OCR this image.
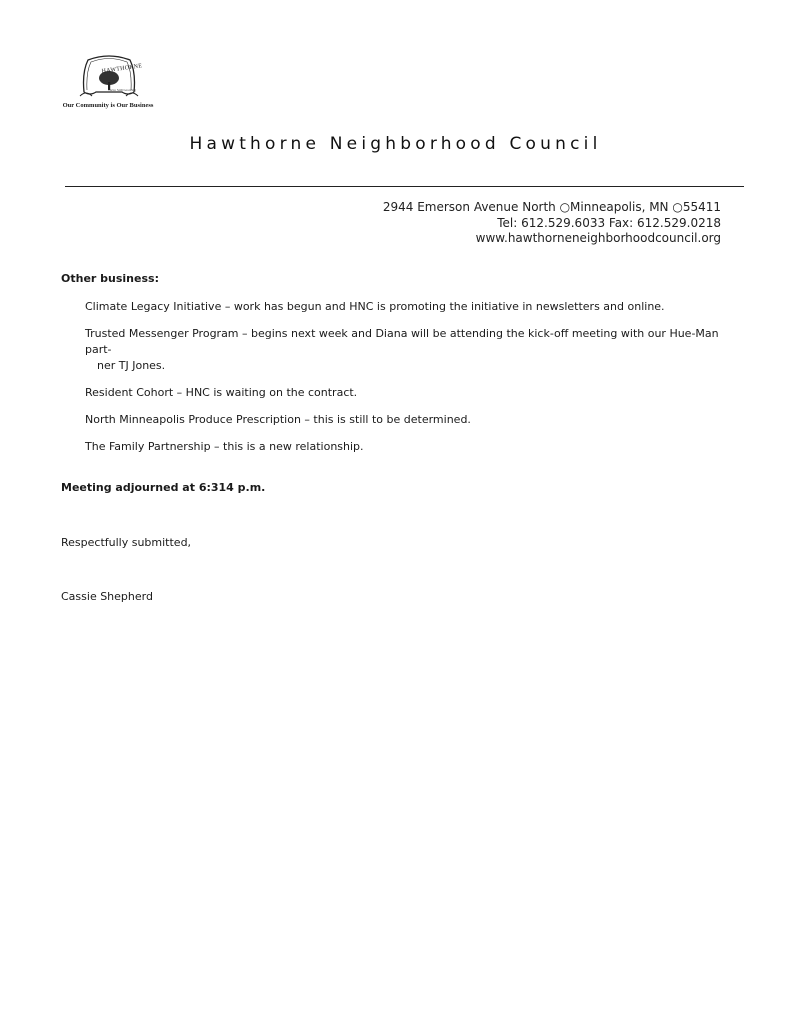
HAWTHORNE
We're Still Growing
Our Community is Our Business
Hawthorne Neighborhood Council
2944 Emerson Avenue North ○Minneapolis, MN ○55411
Tel: 612.529.6033 Fax: 612.529.0218
www.hawthorneneighborhoodcouncil.org
Other business:
Climate Legacy Initiative – work has begun and HNC is promoting the initiative in newsletters and online.
Trusted Messenger Program – begins next week and Diana will be attending the kick-off meeting with our Hue-Man part-
ner TJ Jones.
Resident Cohort – HNC is waiting on the contract.
North Minneapolis Produce Prescription – this is still to be determined.
The Family Partnership – this is a new relationship.
Meeting adjourned at 6:314 p.m.
Respectfully submitted,
Cassie Shepherd
